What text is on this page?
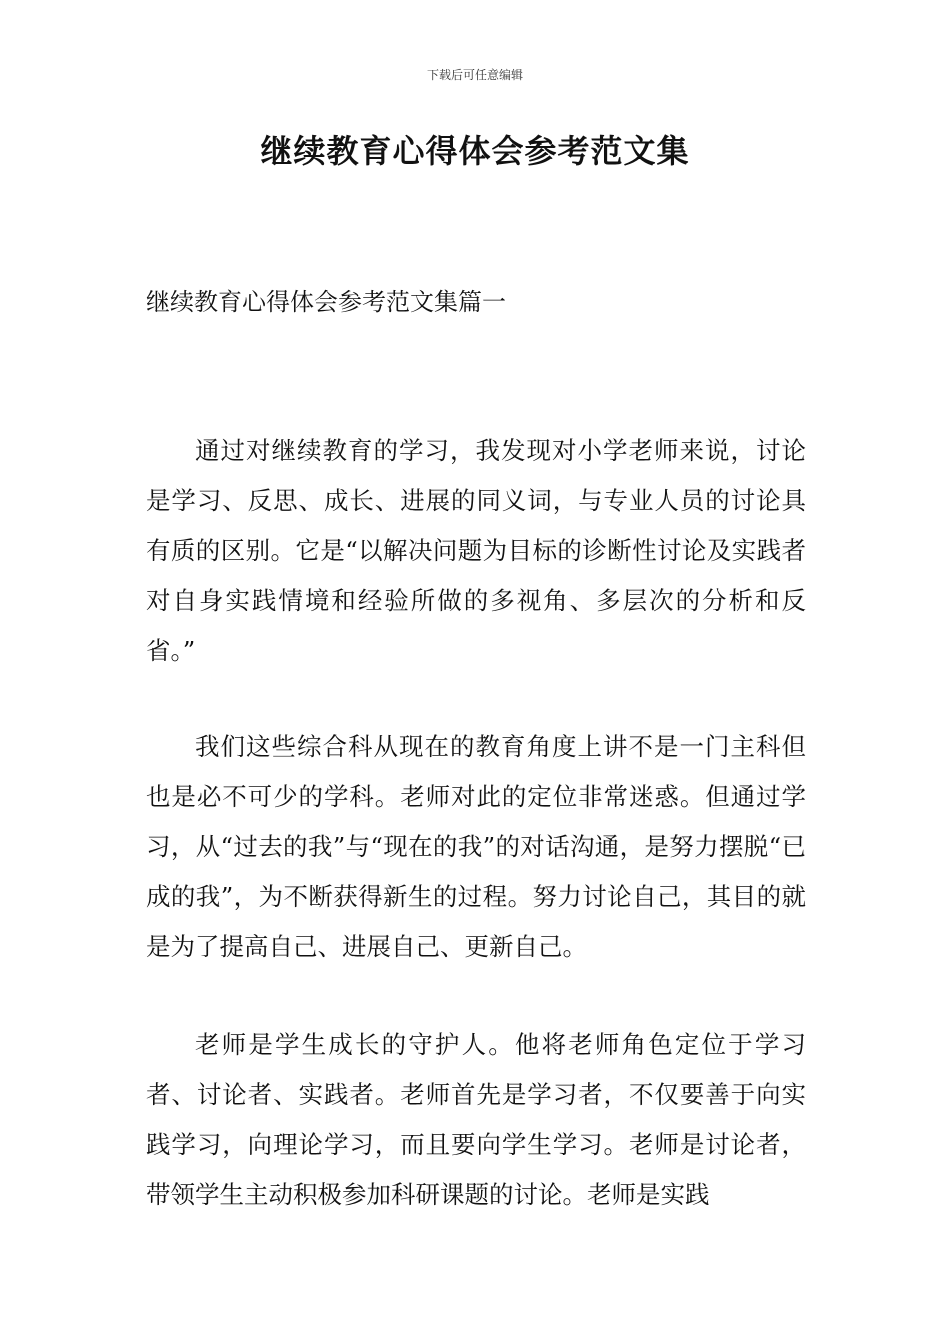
下载后可任意编辑
继续教育心得体会参考范文集
继续教育心得体会参考范文集篇一

通过对继续教育的学习，我发现对小学老师来说，讨论是学习、反思、成长、进展的同义词，与专业人员的讨论具有质的区别。它是“以解决问题为目标的诊断性讨论及实践者对自身实践情境和经验所做的多视角、多层次的分析和反省。”

我们这些综合科从现在的教育角度上讲不是一门主科但也是必不可少的学科。老师对此的定位非常迷惑。但通过学习，从“过去的我”与“现在的我”的对话沟通，是努力摆脱“已成的我”，为不断获得新生的过程。努力讨论自己，其目的就是为了提高自己、进展自己、更新自己。

老师是学生成长的守护人。他将老师角色定位于学习者、讨论者、实践者。老师首先是学习者，不仅要善于向实践学习，向理论学习，而且要向学生学习。老师是讨论者，带领学生主动积极参加科研课题的讨论。老师是实践
